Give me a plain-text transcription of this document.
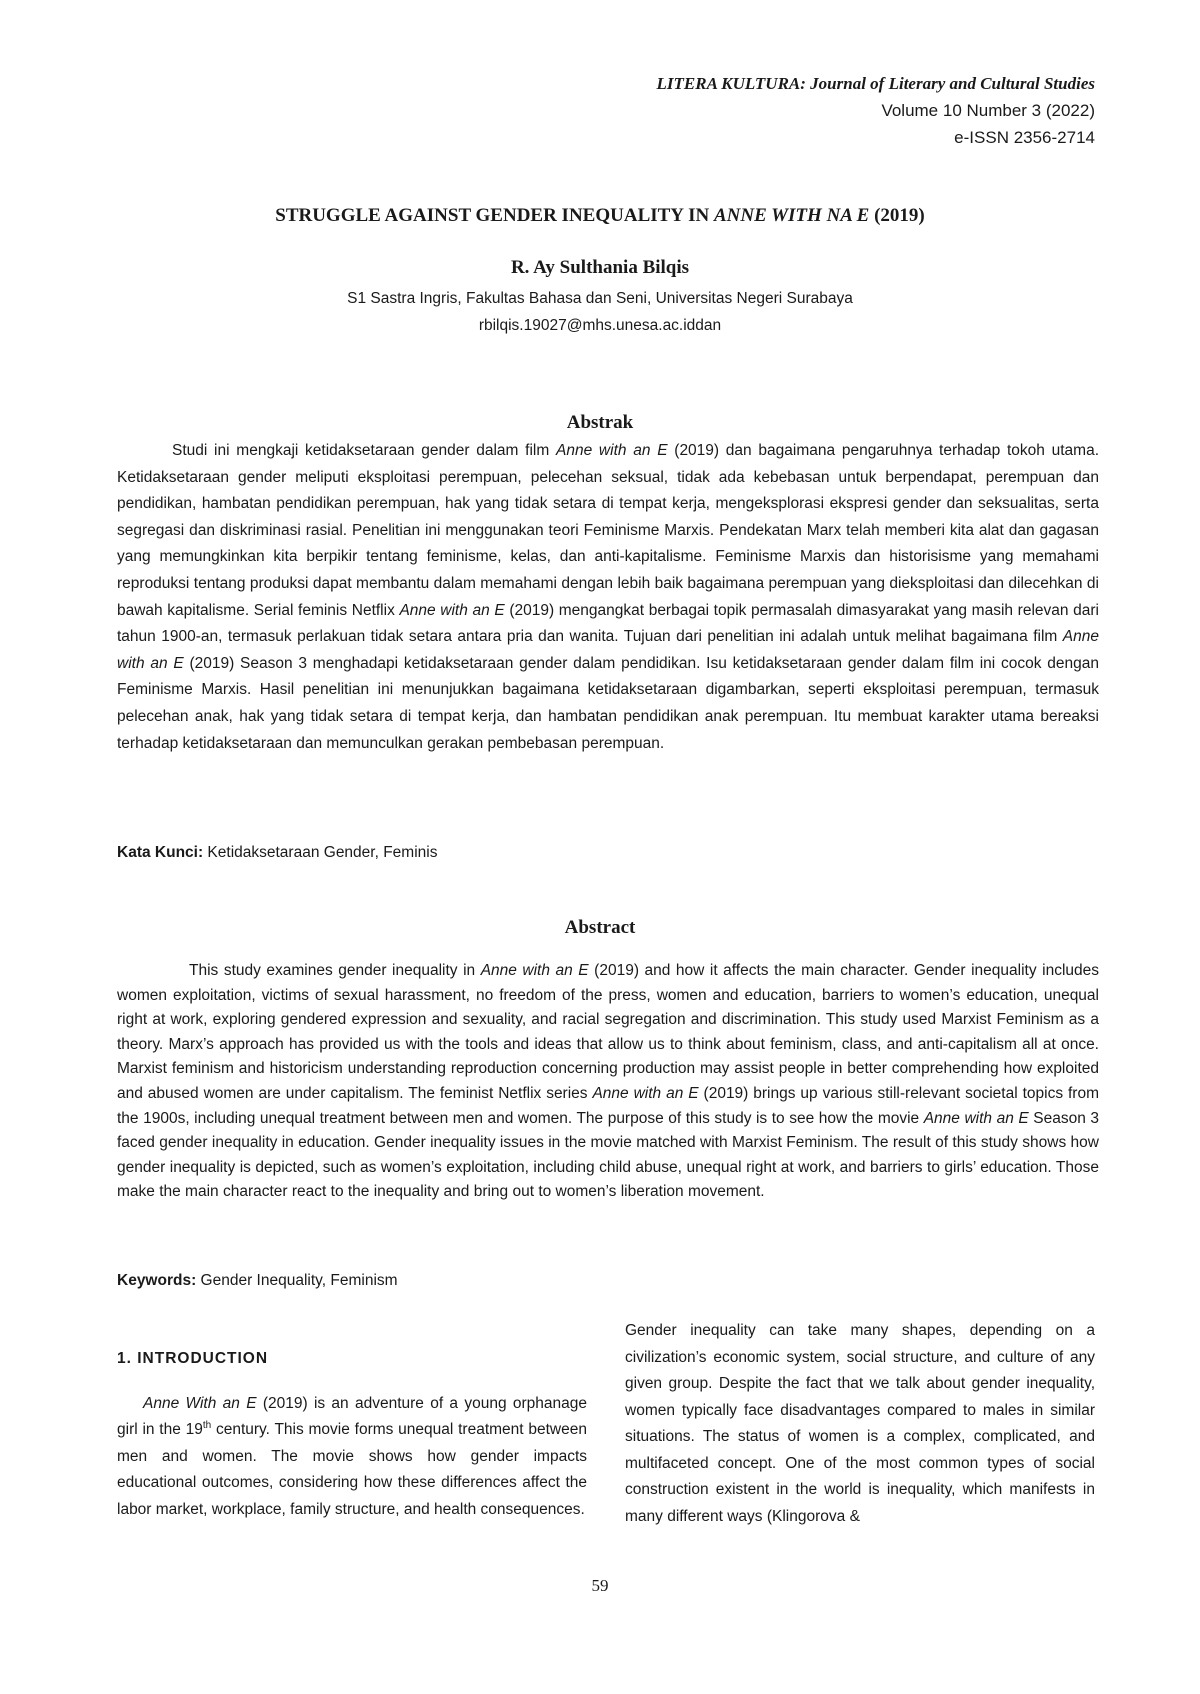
LITERA KULTURA: Journal of Literary and Cultural Studies
Volume 10 Number 3 (2022)
e-ISSN 2356-2714
STRUGGLE AGAINST GENDER INEQUALITY IN ANNE WITH NA E (2019)
R. Ay Sulthania Bilqis
S1 Sastra Ingris, Fakultas Bahasa dan Seni, Universitas Negeri Surabaya
rbilqis.19027@mhs.unesa.ac.iddan
Abstrak

Studi ini mengkaji ketidaksetaraan gender dalam film Anne with an E (2019) dan bagaimana pengaruhnya terhadap tokoh utama. Ketidaksetaraan gender meliputi eksploitasi perempuan, pelecehan seksual, tidak ada kebebasan untuk berpendapat, perempuan dan pendidikan, hambatan pendidikan perempuan, hak yang tidak setara di tempat kerja, mengeksplorasi ekspresi gender dan seksualitas, serta segregasi dan diskriminasi rasial. Penelitian ini menggunakan teori Feminisme Marxis. Pendekatan Marx telah memberi kita alat dan gagasan yang memungkinkan kita berpikir tentang feminisme, kelas, dan anti-kapitalisme. Feminisme Marxis dan historisisme yang memahami reproduksi tentang produksi dapat membantu dalam memahami dengan lebih baik bagaimana perempuan yang dieksploitasi dan dilecehkan di bawah kapitalisme. Serial feminis Netflix Anne with an E (2019) mengangkat berbagai topik permasalah dimasyarakat yang masih relevan dari tahun 1900-an, termasuk perlakuan tidak setara antara pria dan wanita. Tujuan dari penelitian ini adalah untuk melihat bagaimana film Anne with an E (2019) Season 3 menghadapi ketidaksetaraan gender dalam pendidikan. Isu ketidaksetaraan gender dalam film ini cocok dengan Feminisme Marxis. Hasil penelitian ini menunjukkan bagaimana ketidaksetaraan digambarkan, seperti eksploitasi perempuan, termasuk pelecehan anak, hak yang tidak setara di tempat kerja, dan hambatan pendidikan anak perempuan. Itu membuat karakter utama bereaksi terhadap ketidaksetaraan dan memunculkan gerakan pembebasan perempuan.

Kata Kunci: Ketidaksetaraan Gender, Feminis
Abstract

This study examines gender inequality in Anne with an E (2019) and how it affects the main character. Gender inequality includes women exploitation, victims of sexual harassment, no freedom of the press, women and education, barriers to women’s education, unequal right at work, exploring gendered expression and sexuality, and racial segregation and discrimination. This study used Marxist Feminism as a theory. Marx’s approach has provided us with the tools and ideas that allow us to think about feminism, class, and anti-capitalism all at once. Marxist feminism and historicism understanding reproduction concerning production may assist people in better comprehending how exploited and abused women are under capitalism. The feminist Netflix series Anne with an E (2019) brings up various still-relevant societal topics from the 1900s, including unequal treatment between men and women. The purpose of this study is to see how the movie Anne with an E Season 3 faced gender inequality in education. Gender inequality issues in the movie matched with Marxist Feminism. The result of this study shows how gender inequality is depicted, such as women’s exploitation, including child abuse, unequal right at work, and barriers to girls’ education. Those make the main character react to the inequality and bring out to women’s liberation movement.

Keywords: Gender Inequality, Feminism
1. INTRODUCTION

Anne With an E (2019) is an adventure of a young orphanage girl in the 19th century. This movie forms unequal treatment between men and women. The movie shows how gender impacts educational outcomes, considering how these differences affect the labor market, workplace, family structure, and health consequences.

Gender inequality can take many shapes, depending on a civilization’s economic system, social structure, and culture of any given group. Despite the fact that we talk about gender inequality, women typically face disadvantages compared to males in similar situations. The status of women is a complex, complicated, and multifaceted concept. One of the most common types of social construction existent in the world is inequality, which manifests in many different ways (Klingorova &

59
